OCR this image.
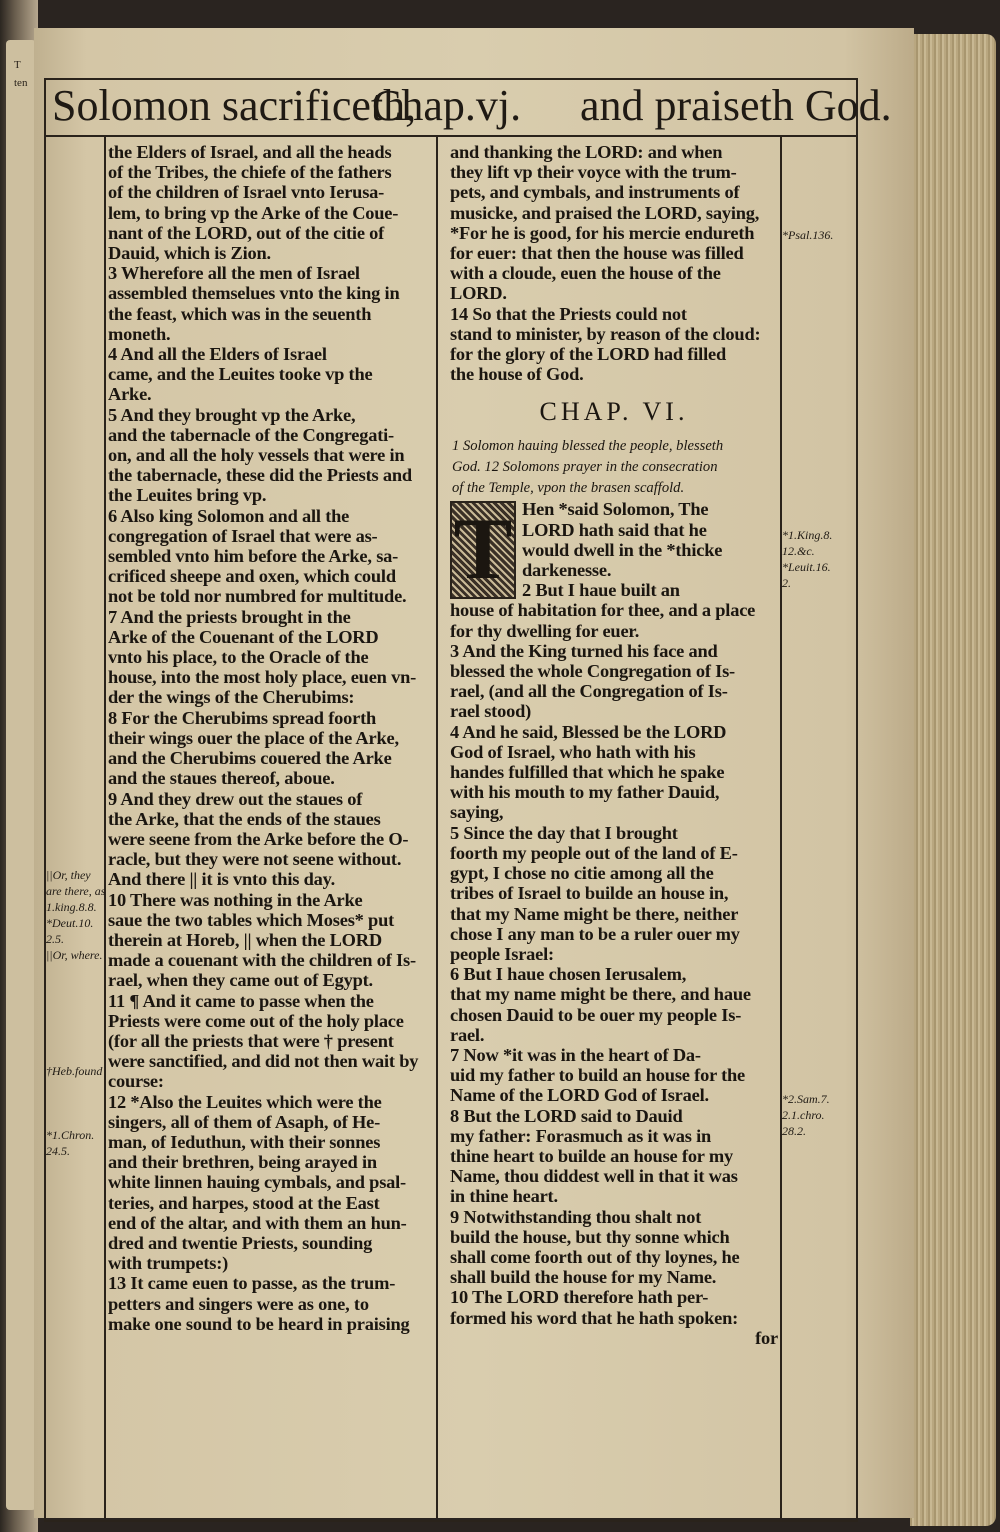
T
ten Solomon sacrificeth,
Chap.vj. and praiseth God.
the Elders of Israel, and all the heads
of the Tribes, the chiefe of the fathers
of the children of Israel vnto Ierusa-
lem, to bring vp the Arke of the Coue-
nant of the LORD, out of the citie of
Dauid, which is Zion.
3 Wherefore all the men of Israel
assembled themselues vnto the king in
the feast, which was in the seuenth
moneth.
4 And all the Elders of Israel
came, and the Leuites tooke vp the
Arke.
5 And they brought vp the Arke,
and the tabernacle of the Congregati-
on, and all the holy vessels that were in
the tabernacle, these did the Priests and
the Leuites bring vp.
6 Also king Solomon and all the
congregation of Israel that were as-
sembled vnto him before the Arke, sa-
crificed sheepe and oxen, which could
not be told nor numbred for multitude.
7 And the priests brought in the
Arke of the Couenant of the LORD
vnto his place, to the Oracle of the
house, into the most holy place, euen vn-
der the wings of the Cherubims:
8 For the Cherubims spread foorth
their wings ouer the place of the Arke,
and the Cherubims couered the Arke
and the staues thereof, aboue.
9 And they drew out the staues of
the Arke, that the ends of the staues
were seene from the Arke before the O-
racle, but they were not seene without.
And there || it is vnto this day.
10 There was nothing in the Arke
saue the two tables which Moses* put
therein at Horeb, || when the LORD
made a couenant with the children of Is-
rael, when they came out of Egypt.
11 ¶ And it came to passe when the
Priests were come out of the holy place
(for all the priests that were † present
were sanctified, and did not then wait by
course:
12 *Also the Leuites which were the
singers, all of them of Asaph, of He-
man, of Ieduthun, with their sonnes
and their brethren, being arayed in
white linnen hauing cymbals, and psal-
teries, and harpes, stood at the East
end of the altar, and with them an hun-
dred and twentie Priests, sounding
with trumpets:)
13 It came euen to passe, as the trum-
petters and singers were as one, to
make one sound to be heard in praising
and thanking the LORD: and when
they lift vp their voyce with the trum-
pets, and cymbals, and instruments of
musicke, and praised the LORD, saying,
*For he is good, for his mercie endureth
for euer: that then the house was filled
with a cloude, euen the house of the
LORD.
14 So that the Priests could not
stand to minister, by reason of the cloud:
for the glory of the LORD had filled
the house of God.
CHAP. VI.
1 Solomon hauing blessed the people, blesseth
God. 12 Solomons prayer in the consecration
of the Temple, vpon the brasen scaffold.
T Hen *said Solomon, The
LORD hath said that he
would dwell in the *thicke
darkenesse.
2 But I haue built an
house of habitation for thee, and a place
for thy dwelling for euer.
3 And the King turned his face and
blessed the whole Congregation of Is-
rael, (and all the Congregation of Is-
rael stood)
4 And he said, Blessed be the LORD
God of Israel, who hath with his
handes fulfilled that which he spake
with his mouth to my father Dauid,
saying,
5 Since the day that I brought
foorth my people out of the land of E-
gypt, I chose no citie among all the
tribes of Israel to builde an house in,
that my Name might be there, neither
chose I any man to be a ruler ouer my
people Israel:
6 But I haue chosen Ierusalem,
that my name might be there, and haue
chosen Dauid to be ouer my people Is-
rael.
7 Now *it was in the heart of Da-
uid my father to build an house for the
Name of the LORD God of Israel.
8 But the LORD said to Dauid
my father: Forasmuch as it was in
thine heart to builde an house for my
Name, thou diddest well in that it was
in thine heart.
9 Notwithstanding thou shalt not
build the house, but thy sonne which
shall come foorth out of thy loynes, he
shall build the house for my Name.
10 The LORD therefore hath per-
formed his word that he hath spoken:
for
||Or, they
are there, as
1.king.8.8.
*Deut.10.
2.5.
||Or, where.
†Heb.found
*1.Chron.
24.5.
*Psal.136.
*1.King.8.
12.&c.
*Leuit.16.
2.
*2.Sam.7.
2.1.chro.
28.2.
